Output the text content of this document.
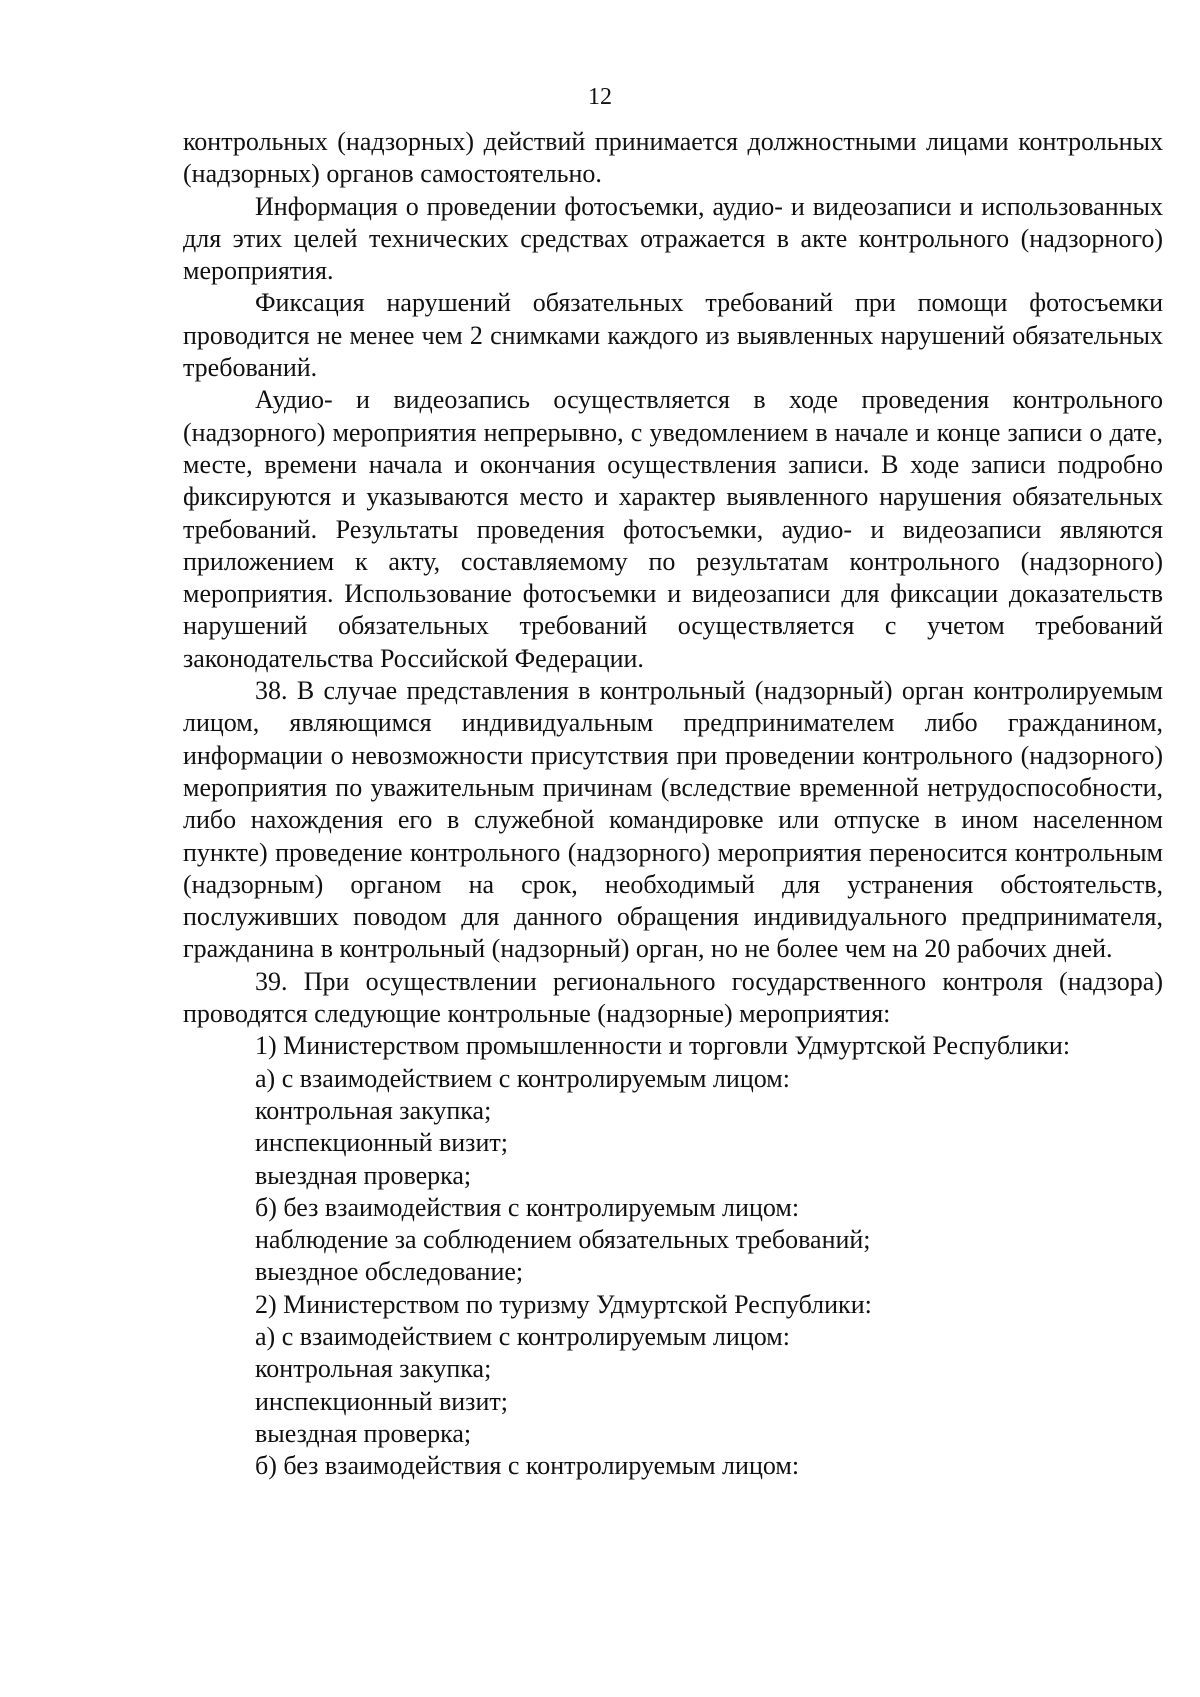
12

контрольных (надзорных) действий принимается должностными лицами контрольных (надзорных) органов самостоятельно.

Информация о проведении фотосъемки, аудио- и видеозаписи и использованных для этих целей технических средствах отражается в акте контрольного (надзорного) мероприятия.

Фиксация нарушений обязательных требований при помощи фотосъемки проводится не менее чем 2 снимками каждого из выявленных нарушений обязательных требований.

Аудио- и видеозапись осуществляется в ходе проведения контрольного (надзорного) мероприятия непрерывно, с уведомлением в начале и конце записи о дате, месте, времени начала и окончания осуществления записи. В ходе записи подробно фиксируются и указываются место и характер выявленного нарушения обязательных требований. Результаты проведения фотосъемки, аудио- и видеозаписи являются приложением к акту, составляемому по результатам контрольного (надзорного) мероприятия. Использование фотосъемки и видеозаписи для фиксации доказательств нарушений обязательных требований осуществляется с учетом требований законодательства Российской Федерации.

38. В случае представления в контрольный (надзорный) орган контролируемым лицом, являющимся индивидуальным предпринимателем либо гражданином, информации о невозможности присутствия при проведении контрольного (надзорного) мероприятия по уважительным причинам (вследствие временной нетрудоспособности, либо нахождения его в служебной командировке или отпуске в ином населенном пункте) проведение контрольного (надзорного) мероприятия переносится контрольным (надзорным) органом на срок, необходимый для устранения обстоятельств, послуживших поводом для данного обращения индивидуального предпринимателя, гражданина в контрольный (надзорный) орган, но не более чем на 20 рабочих дней.

39. При осуществлении регионального государственного контроля (надзора) проводятся следующие контрольные (надзорные) мероприятия:

1) Министерством промышленности и торговли Удмуртской Республики:
а) с взаимодействием с контролируемым лицом:
контрольная закупка;
инспекционный визит;
выездная проверка;
б) без взаимодействия с контролируемым лицом:
наблюдение за соблюдением обязательных требований;
выездное обследование;
2) Министерством по туризму Удмуртской Республики:
а) с взаимодействием с контролируемым лицом:
контрольная закупка;
инспекционный визит;
выездная проверка;
б) без взаимодействия с контролируемым лицом:
